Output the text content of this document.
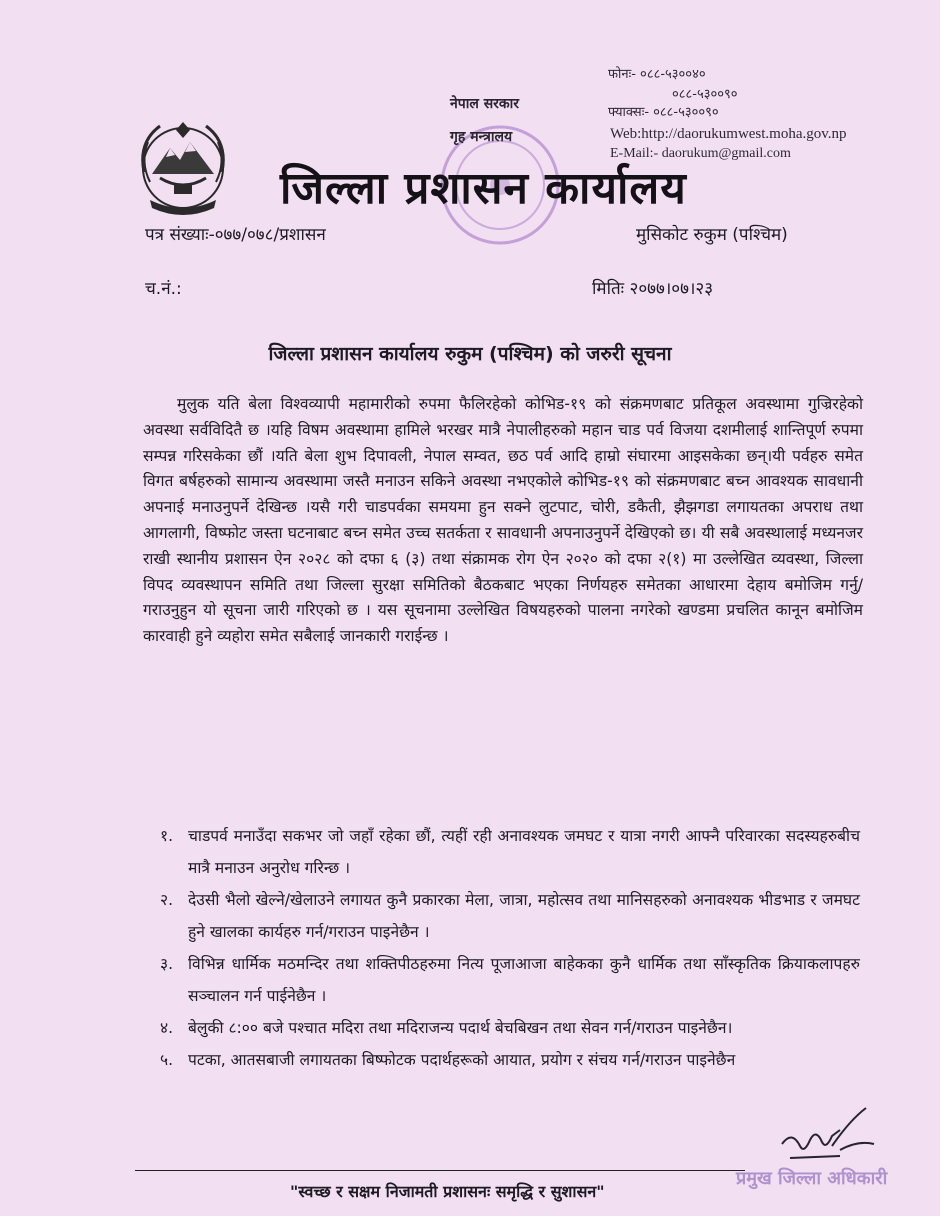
नेपाल सरकार
गृह मन्त्रालय
फोनः- ०८८-५३००४०
०८८-५३००९०
फ्याक्सः- ०८८-५३००९०
Web:http://daorukumwest.moha.gov.np
E-Mail:- daorukum@gmail.com
जिल्ला प्रशासन कार्यालय
पत्र संख्याः-०७७/०७८/प्रशासन	मुसिकोट रुकुम (पश्चिम)
च.नं.:	मितिः २०७७।०७।२३
जिल्ला प्रशासन कार्यालय रुकुम (पश्चिम) को जरुरी सूचना

मुलुक यति बेला विश्वव्यापी महामारीको रुपमा फैलिरहेको कोभिड-१९ को संक्रमणबाट प्रतिकूल अवस्थामा गुज्रिरहेको अवस्था सर्वविदितै छ ।यहि विषम अवस्थामा हामिले भरखर मात्रै नेपालीहरुको महान चाड पर्व विजया दशमीलाई शान्तिपूर्ण रुपमा सम्पन्न गरिसकेका छौं ।यति बेला शुभ दिपावली, नेपाल सम्वत, छठ पर्व आदि हाम्रो संघारमा आइसकेका छन्।यी पर्वहरु समेत विगत बर्षहरुको सामान्य अवस्थामा जस्तै मनाउन सकिने अवस्था नभएकोले कोभिड-१९ को संक्रमणबाट बच्न आवश्यक सावधानी अपनाई मनाउनुपर्ने देखिन्छ ।यसै गरी चाडपर्वका समयमा हुन सक्ने लुटपाट, चोरी, डकैती, झैझगडा लगायतका अपराध तथा आगलागी, विष्फोट जस्ता घटनाबाट बच्न समेत उच्च सतर्कता र सावधानी अपनाउनुपर्ने देखिएको छ। यी सबै अवस्थालाई मध्यनजर राखी स्थानीय प्रशासन ऐन २०२८ को दफा ६ (३) तथा संक्रामक रोग ऐन २०२० को दफा २(१) मा उल्लेखित व्यवस्था, जिल्ला विपद व्यवस्थापन समिति तथा जिल्ला सुरक्षा समितिको बैठकबाट भएका निर्णयहरु समेतका आधारमा देहाय बमोजिम गर्नु/गराउनुहुन यो सूचना जारी गरिएको छ । यस सूचनामा उल्लेखित विषयहरुको पालना नगरेको खण्डमा प्रचलित कानून बमोजिम कारवाही हुने व्यहोरा समेत सबैलाई जानकारी गराईन्छ ।

१. चाडपर्व मनाउँदा सकभर जो जहाँ रहेका छौं, त्यहीं रही अनावश्यक जमघट र यात्रा नगरी आफ्नै परिवारका सदस्यहरुबीच मात्रै मनाउन अनुरोध गरिन्छ ।
२. देउसी भैलो खेल्ने/खेलाउने लगायत कुनै प्रकारका मेला, जात्रा, महोत्सव तथा मानिसहरुको अनावश्यक भीडभाड र जमघट हुने खालका कार्यहरु गर्न/गराउन पाइनेछैन ।
३. विभिन्न धार्मिक मठमन्दिर तथा शक्तिपीठहरुमा नित्य पूजाआजा बाहेकका कुनै धार्मिक तथा साँस्कृतिक क्रियाकलापहरु सञ्चालन गर्न पाईनेछैन ।
४. बेलुकी ८:०० बजे पश्चात मदिरा तथा मदिराजन्य पदार्थ बेचबिखन तथा सेवन गर्न/गराउन पाइनेछैन।
५. पटका, आतसबाजी लगायतका बिष्फोटक पदार्थहरूको आयात, प्रयोग र संचय गर्न/गराउन पाइनेछैन
"स्वच्छ र सक्षम निजामती प्रशासनः समृद्धि र सुशासन"
प्रमुख जिल्ला अधिकारी
